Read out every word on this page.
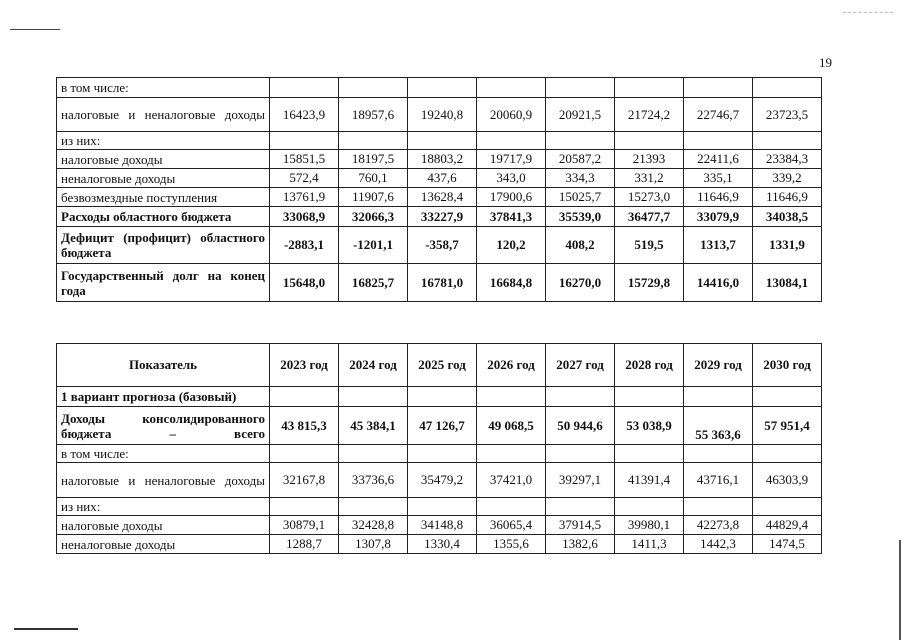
19
в том числе:								
налоговые и неналоговые доходы	16423,9	18957,6	19240,8	20060,9	20921,5	21724,2	22746,7	23723,5
из них:								
налоговые доходы	15851,5	18197,5	18803,2	19717,9	20587,2	21393	22411,6	23384,3
неналоговые доходы	572,4	760,1	437,6	343,0	334,3	331,2	335,1	339,2
безвозмездные поступления	13761,9	11907,6	13628,4	17900,6	15025,7	15273,0	11646,9	11646,9
Расходы областного бюджета	33068,9	32066,3	33227,9	37841,3	35539,0	36477,7	33079,9	34038,5
Дефицит (профицит) областного бюджета	-2883,1	-1201,1	-358,7	120,2	408,2	519,5	1313,7	1331,9
Государственный долг на конец года	15648,0	16825,7	16781,0	16684,8	16270,0	15729,8	14416,0	13084,1
Показатель	2023 год	2024 год	2025 год	2026 год	2027 год	2028 год	2029 год	2030 год
1 вариант прогноза (базовый)								
Доходы консолидированного бюджета – всего	43 815,3	45 384,1	47 126,7	49 068,5	50 944,6	53 038,9	55 363,6	57 951,4
в том числе:								
налоговые и неналоговые доходы	32167,8	33736,6	35479,2	37421,0	39297,1	41391,4	43716,1	46303,9
из них:								
налоговые доходы	30879,1	32428,8	34148,8	36065,4	37914,5	39980,1	42273,8	44829,4
неналоговые доходы	1288,7	1307,8	1330,4	1355,6	1382,6	1411,3	1442,3	1474,5
